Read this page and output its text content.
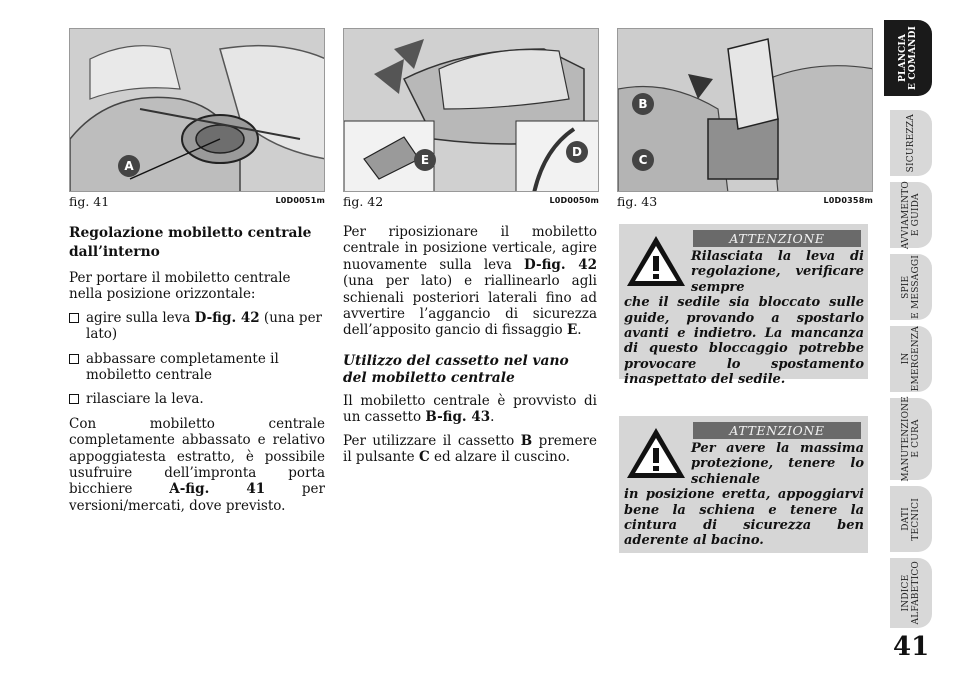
A
fig. 41	L0D0051m
E
D
fig. 42	L0D0050m
B
C
fig. 43	L0D0358m
Regolazione mobiletto centrale dall’interno

Per portare il mobiletto centrale nella posizione orizzontale:

agire sulla leva D-fig. 42 (una per lato)
abbassare completamente il mobiletto centrale
rilasciare la leva.

Con mobiletto centrale completamente abbassato e relativo appoggiatesta estratto, è possibile usufruire dell’impronta porta bicchiere A-fig. 41 per versioni/mercati, dove previsto.

Per riposizionare il mobiletto centrale in posizione verticale, agire nuovamente sulla leva D-fig. 42 (una per lato) e riallinearlo agli schienali posteriori laterali fino ad avvertire l’aggancio di sicurezza dell’apposito gancio di fissaggio E.

Utilizzo del cassetto nel vano del mobiletto centrale

Il mobiletto centrale è provvisto di un cassetto B-fig. 43.

Per utilizzare il cassetto B premere il pulsante C ed alzare il cuscino.

ATTENZIONE
Rilasciata la leva di regolazione, verificare sempre
che il sedile sia bloccato sulle guide, provando a spostarlo avanti e indietro. La mancanza di questo bloccaggio potrebbe provocare lo spostamento inaspettato del sedile.
ATTENZIONE
Per avere la massima protezione, tenere lo schienale
in posizione eretta, appoggiarvi bene la schiena e tenere la cintura di sicurezza ben aderente al bacino.
PLANCIA
E COMANDI
SICUREZZA
AVVIAMENTO
E GUIDA
SPIE
E MESSAGGI
IN
EMERGENZA
MANUTENZIONE
E CURA
DATI
TECNICI
INDICE
ALFABETICO
41
